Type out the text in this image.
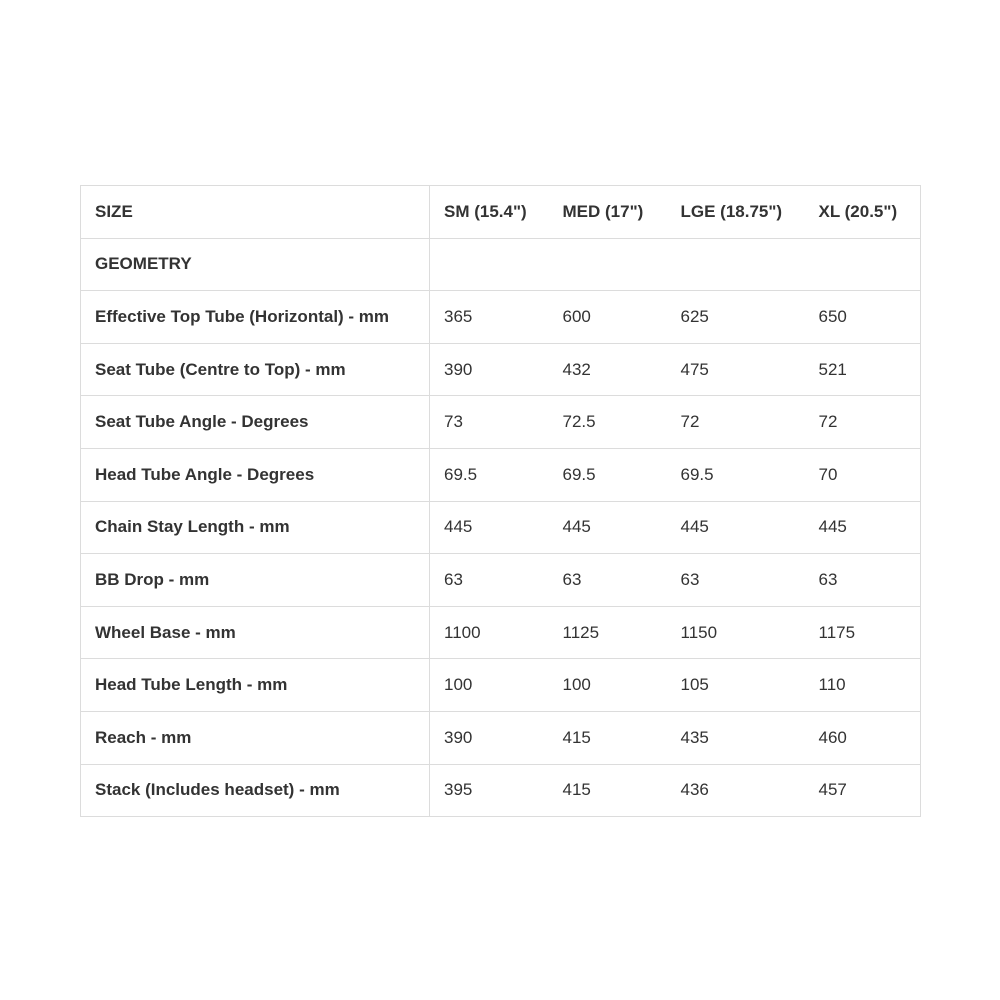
SIZE	SM (15.4")	MED (17")	LGE (18.75")	XL (20.5")
GEOMETRY				
Effective Top Tube (Horizontal) - mm	365	600	625	650
Seat Tube (Centre to Top) - mm	390	432	475	521
Seat Tube Angle - Degrees	73	72.5	72	72
Head Tube Angle - Degrees	69.5	69.5	69.5	70
Chain Stay Length - mm	445	445	445	445
BB Drop - mm	63	63	63	63
Wheel Base - mm	1100	1125	1150	1175
Head Tube Length - mm	100	100	105	110
Reach - mm	390	415	435	460
Stack (Includes headset) - mm	395	415	436	457
